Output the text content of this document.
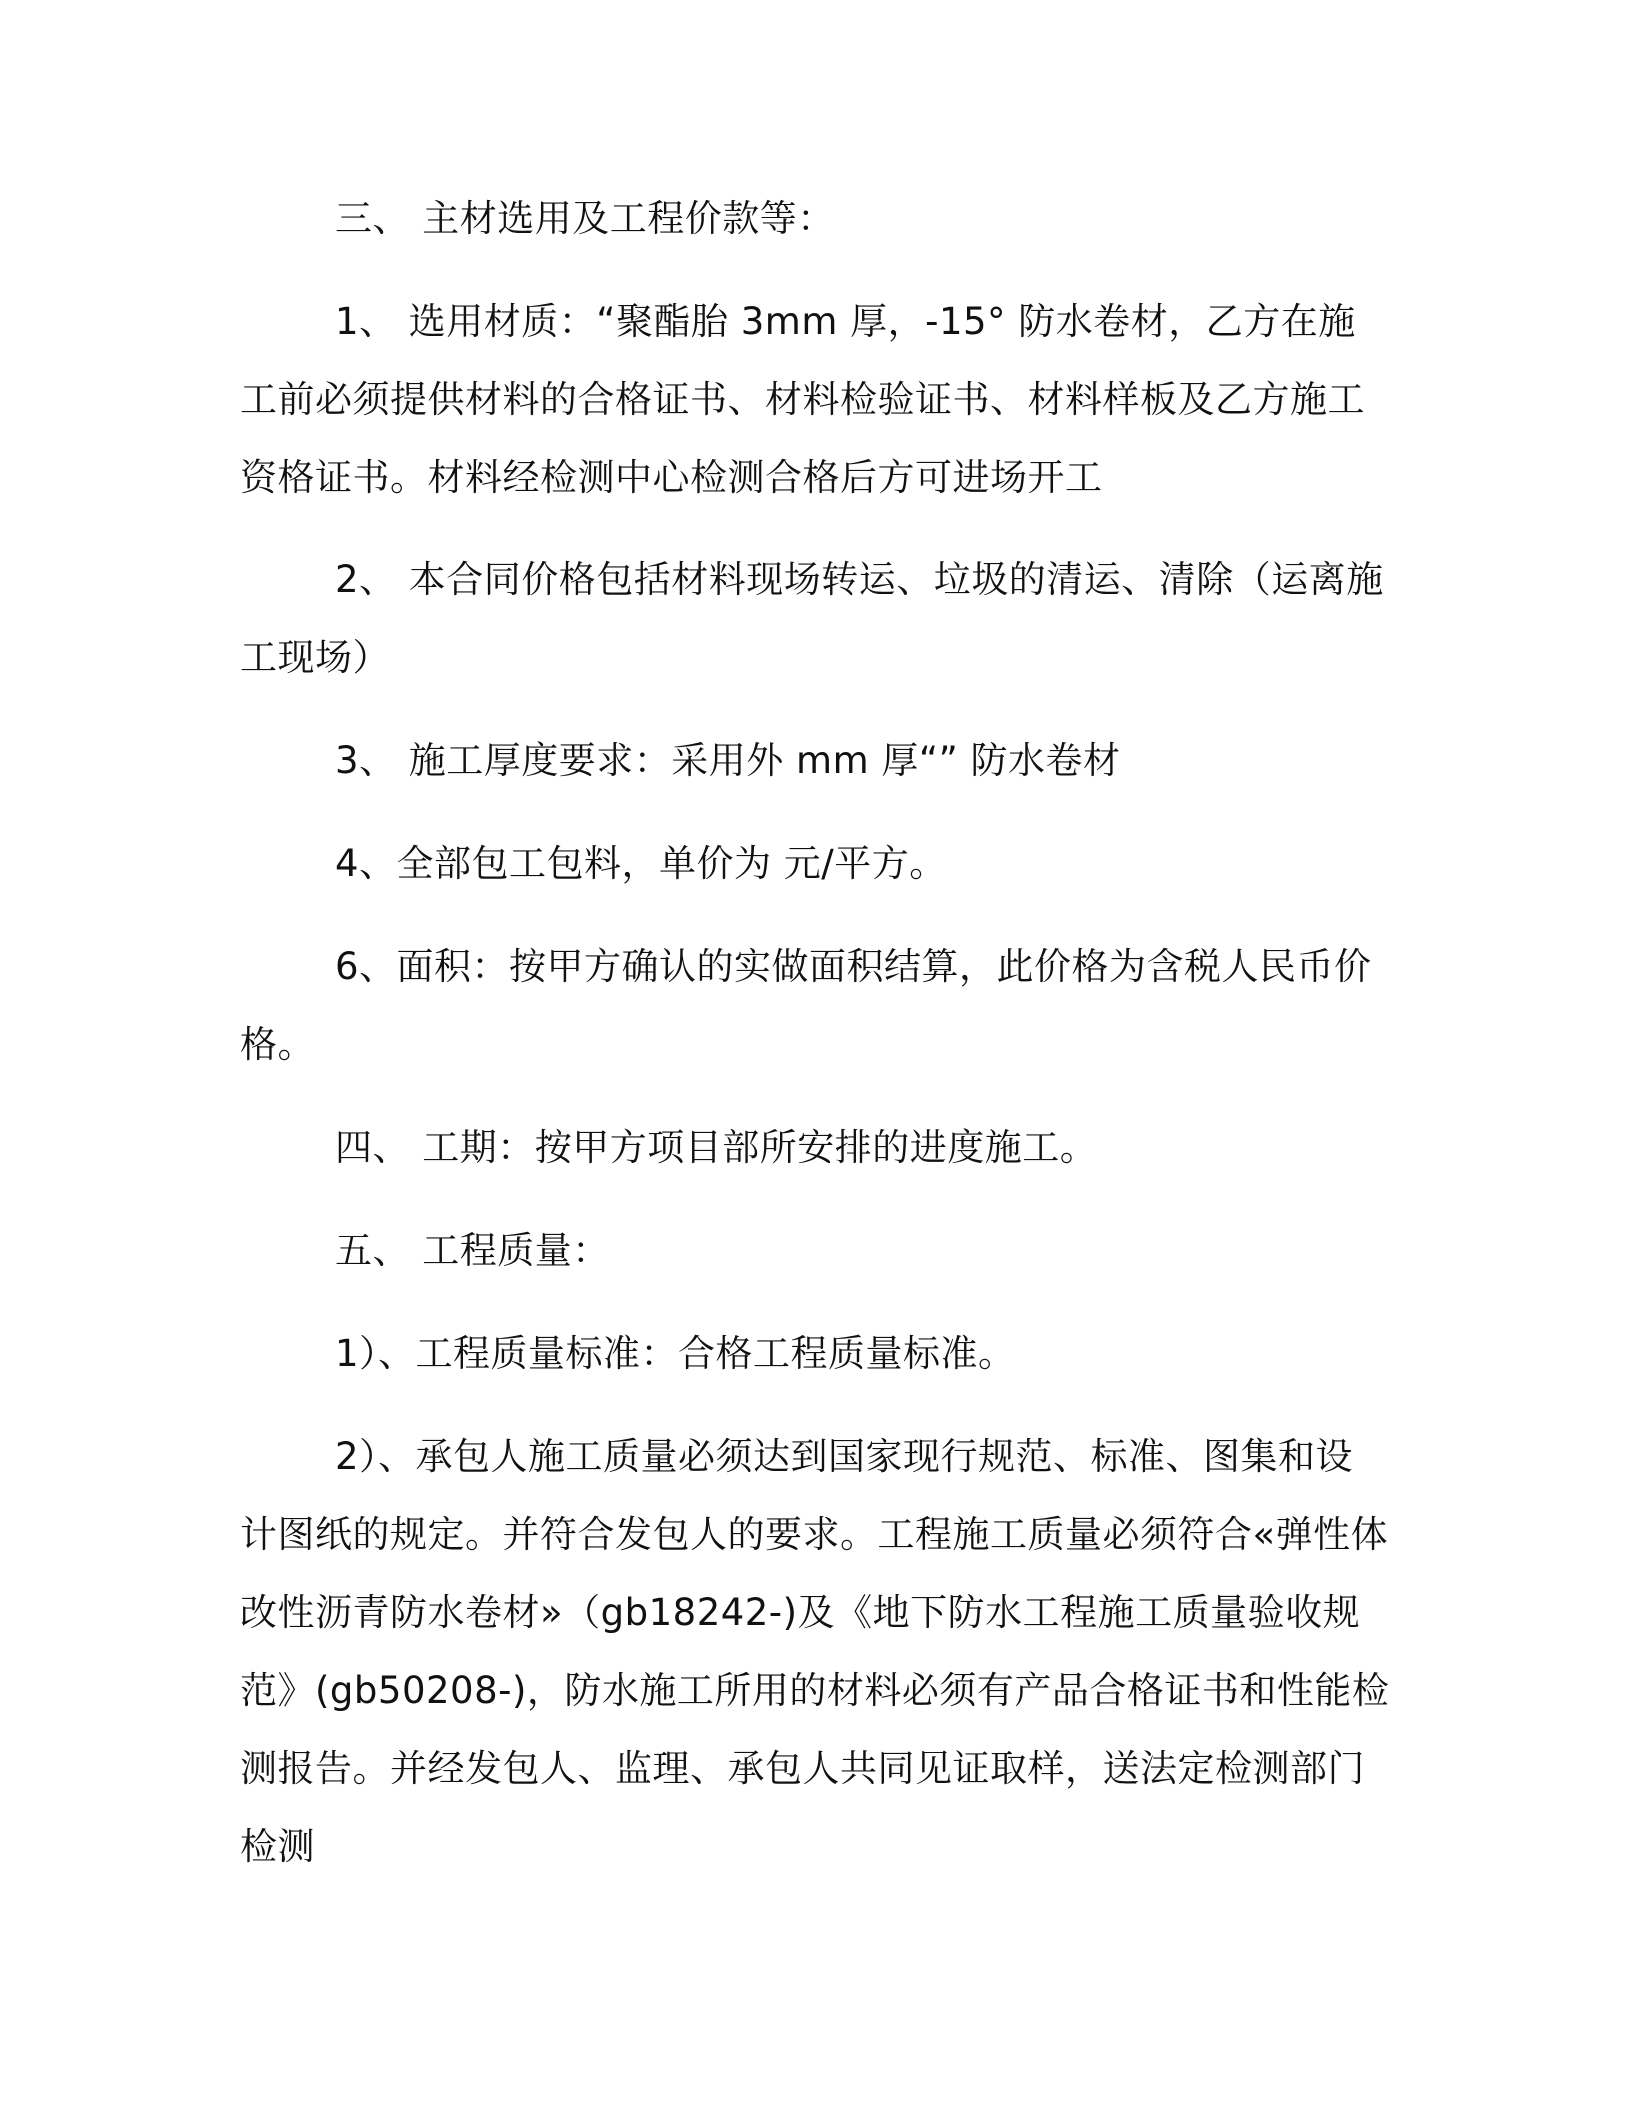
三、 主材选用及工程价款等：

1、 选用材质：“聚酯胎 3mm 厚，-15° 防水卷材，乙方在施工前必须提供材料的合格证书、材料检验证书、材料样板及乙方施工资格证书。材料经检测中心检测合格后方可进场开工

2、 本合同价格包括材料现场转运、垃圾的清运、清除（运离施工现场）

3、 施工厚度要求：采用外 mm 厚“” 防水卷材

4、全部包工包料，单价为 元/平方。

6、面积：按甲方确认的实做面积结算，此价格为含税人民币价格。

四、 工期：按甲方项目部所安排的进度施工。

五、 工程质量：

1）、工程质量标准：合格工程质量标准。

2）、承包人施工质量必须达到国家现行规范、标准、图集和设计图纸的规定。并符合发包人的要求。工程施工质量必须符合«弹性体改性沥青防水卷材»（gb18242-)及《地下防水工程施工质量验收规范》(gb50208-)，防水施工所用的材料必须有产品合格证书和性能检测报告。并经发包人、监理、承包人共同见证取样，送法定检测部门检测
